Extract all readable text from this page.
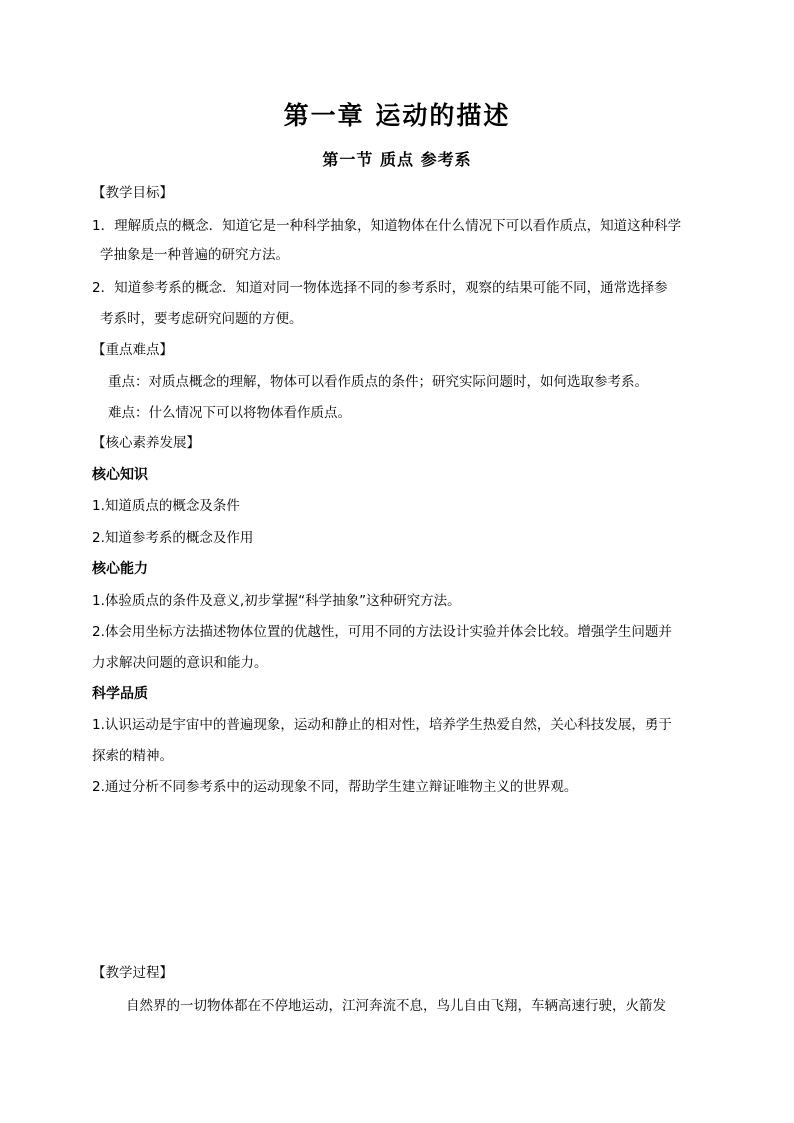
第一章 运动的描述
第一节 质点 参考系
【教学目标】
1．理解质点的概念．知道它是一种科学抽象，知道物体在什么情况下可以看作质点，知道这种科学
学抽象是一种普遍的研究方法。
2．知道参考系的概念．知道对同一物体选择不同的参考系时，观察的结果可能不同，通常选择参
考系时，要考虑研究问题的方便。
【重点难点】
重点：对质点概念的理解，物体可以看作质点的条件；研究实际问题时，如何选取参考系。
难点：什么情况下可以将物体看作质点。
【核心素养发展】
核心知识
1.知道质点的概念及条件
2.知道参考系的概念及作用
核心能力
1.体验质点的条件及意义,初步掌握“科学抽象”这种研究方法。
2.体会用坐标方法描述物体位置的优越性，可用不同的方法设计实验并体会比较。增强学生问题并
力求解决问题的意识和能力。
科学品质
1.认识运动是宇宙中的普遍现象，运动和静止的相对性，培养学生热爱自然，关心科技发展，勇于
探索的精神。
2.通过分析不同参考系中的运动现象不同，帮助学生建立辩证唯物主义的世界观。
【教学过程】
自然界的一切物体都在不停地运动，江河奔流不息，鸟儿自由飞翔，车辆高速行驶，火箭发
